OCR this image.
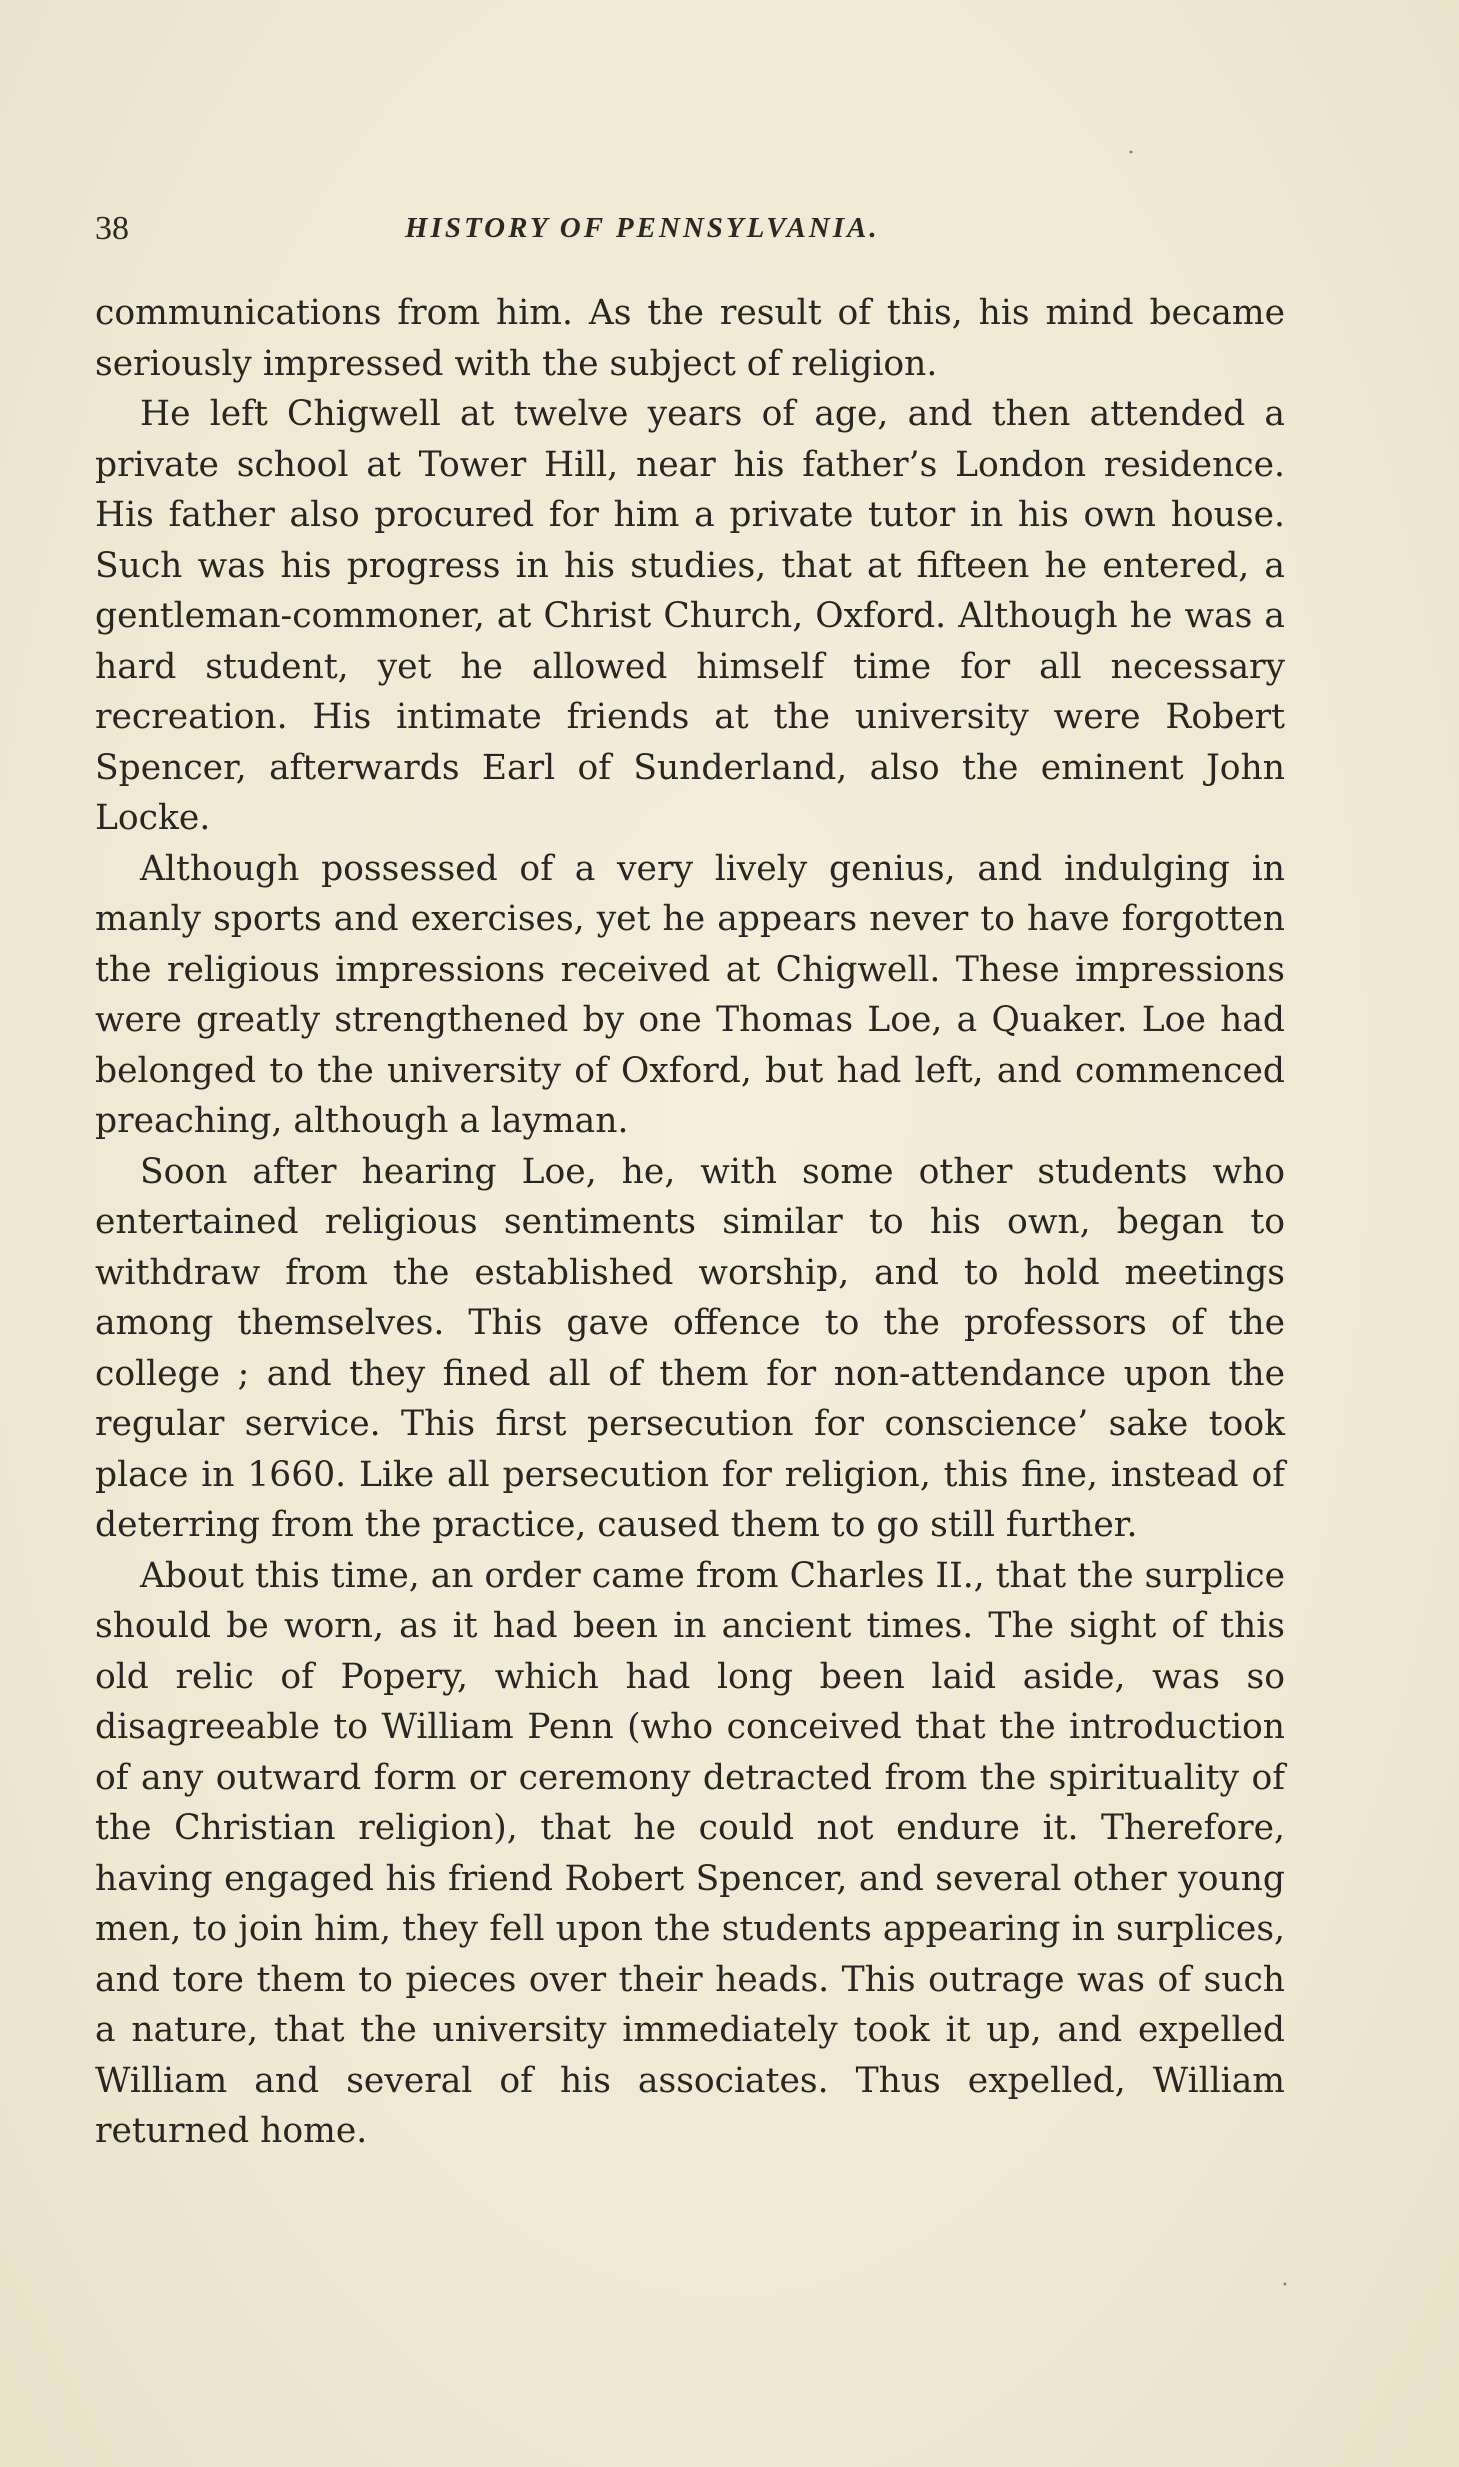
•
38	HISTORY OF PENNSYLVANIA.

communications from him. As the result of this, his mind became seriously impressed with the subject of religion.

He left Chigwell at twelve years of age, and then attended a private school at Tower Hill, near his father’s London residence. His father also procured for him a private tutor in his own house. Such was his progress in his studies, that at fifteen he entered, a gentleman-commoner, at Christ Church, Oxford. Although he was a hard student, yet he allowed himself time for all necessary recreation. His intimate friends at the university were Robert Spencer, afterwards Earl of Sunderland, also the eminent John Locke.

Although possessed of a very lively genius, and indulging in manly sports and exercises, yet he appears never to have forgotten the religious impressions received at Chigwell. These impressions were greatly strengthened by one Thomas Loe, a Quaker. Loe had belonged to the university of Oxford, but had left, and commenced preaching, although a layman.

Soon after hearing Loe, he, with some other students who entertained religious sentiments similar to his own, began to withdraw from the established worship, and to hold meetings among themselves. This gave offence to the professors of the college ; and they fined all of them for non-attendance upon the regular service. This first persecution for conscience’ sake took place in 1660. Like all persecution for religion, this fine, instead of deterring from the practice, caused them to go still further.

About this time, an order came from Charles II., that the surplice should be worn, as it had been in ancient times. The sight of this old relic of Popery, which had long been laid aside, was so disagreeable to William Penn (who conceived that the introduction of any outward form or ceremony detracted from the spirituality of the Christian religion), that he could not endure it. Therefore, having engaged his friend Robert Spencer, and several other young men, to join him, they fell upon the students appearing in surplices, and tore them to pieces over their heads. This outrage was of such a nature, that the university immediately took it up, and expelled William and several of his associates. Thus expelled, William returned home.

•
